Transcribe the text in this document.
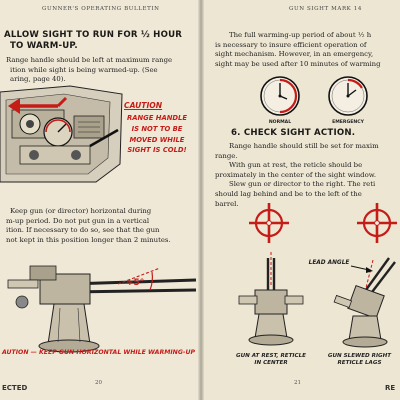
GUNNER'S OPERATING BULLETIN
ALLOW SIGHT TO RUN FOR ½ HOUR
TO WARM-UP.
Range handle should be left at maximum range
ition while sight is being warmed-up. (See
aring, page 40).
CAUTION
RANGE HANDLE
IS NOT TO BE
MOVED WHILE
SIGHT IS COLD!
Keep gun (or director) horizontal during
m-up period. Do not put gun in a vertical
ition. If necessary to do so, see that the gun
not kept in this position longer than 2 minutes.
+5°
AUTION — KEEP GUN HORIZONTAL WHILE WARMING-UP
20
ECTED
GUN SIGHT MARK 14
The full warming-up period of about ½ h
is necessary to insure efficient operation of
sight mechanism. However, in an emergency,
sight may be used after 10 minutes of warming
NORMAL	EMERGENCY
6. CHECK SIGHT ACTION.
Range handle should still be set for maxim
range.
With gun at rest, the reticle should be
proximately in the center of the sight window.
Slew gun or director to the right. The reti
should lag behind and be to the left of the
barrel.
LEAD ANGLE
GUN AT REST, RETICLE
IN CENTER
GUN SLEWED RIGHT
RETICLE LAGS
21
RE
